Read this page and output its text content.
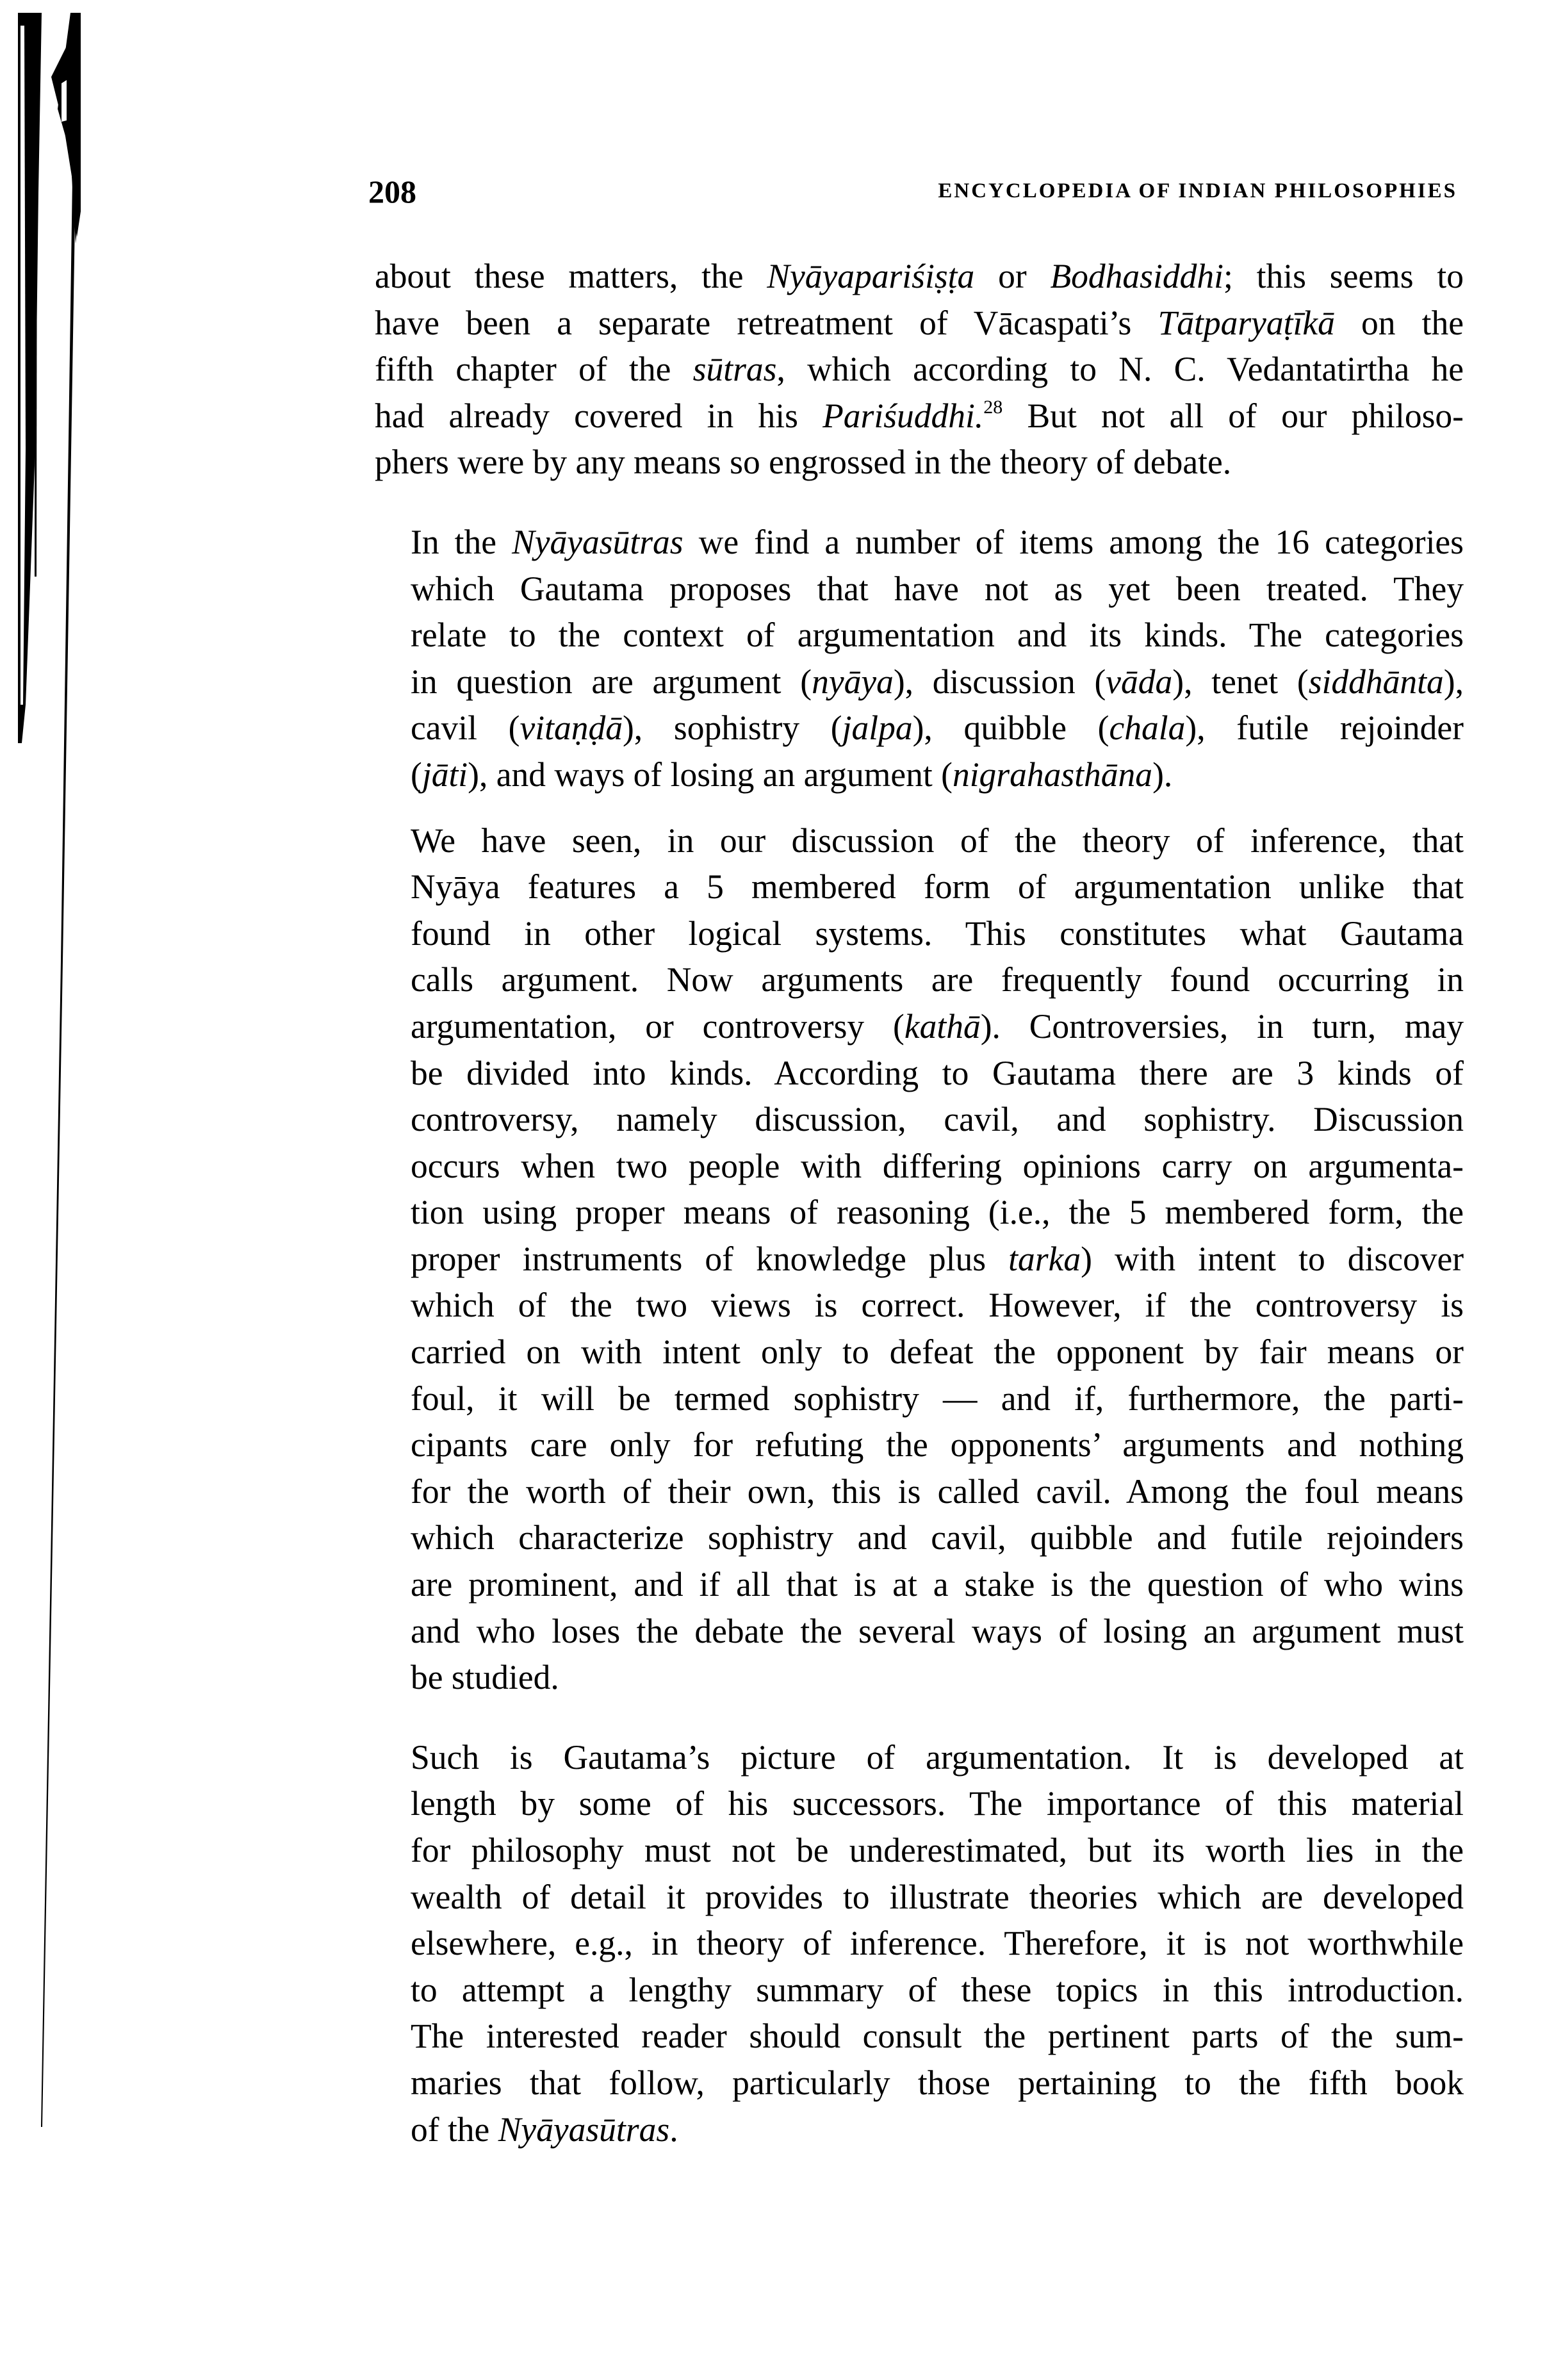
208	ENCYCLOPEDIA OF INDIAN PHILOSOPHIES
about these matters, the Nyāyapariśiṣṭa or Bodhasiddhi; this seems to
have been a separate retreatment of Vācaspati’s Tātparyaṭīkā on the
fifth chapter of the sūtras, which according to N. C. Vedantatirtha he
had already covered in his Pariśuddhi.$^{28}$ But not all of our philoso-
phers were by any means so engrossed in the theory of debate.
In the Nyāyasūtras we find a number of items among the 16 categories
which Gautama proposes that have not as yet been treated. They
relate to the context of argumentation and its kinds. The categories
in question are argument (nyāya), discussion (vāda), tenet (siddhānta),
cavil (vitaṇḍā), sophistry (jalpa), quibble (chala), futile rejoinder
(jāti), and ways of losing an argument (nigrahasthāna).
We have seen, in our discussion of the theory of inference, that
Nyāya features a 5 membered form of argumentation unlike that
found in other logical systems. This constitutes what Gautama
calls argument. Now arguments are frequently found occurring in
argumentation, or controversy (kathā). Controversies, in turn, may
be divided into kinds. According to Gautama there are 3 kinds of
controversy, namely discussion, cavil, and sophistry. Discussion
occurs when two people with differing opinions carry on argumenta-
tion using proper means of reasoning (i.e., the 5 membered form, the
proper instruments of knowledge plus tarka) with intent to discover
which of the two views is correct. However, if the controversy is
carried on with intent only to defeat the opponent by fair means or
foul, it will be termed sophistry — and if, furthermore, the parti-
cipants care only for refuting the opponents’ arguments and nothing
for the worth of their own, this is called cavil. Among the foul means
which characterize sophistry and cavil, quibble and futile rejoinders
are prominent, and if all that is at a stake is the question of who wins
and who loses the debate the several ways of losing an argument must
be studied.
Such is Gautama’s picture of argumentation. It is developed at
length by some of his successors. The importance of this material
for philosophy must not be underestimated, but its worth lies in the
wealth of detail it provides to illustrate theories which are developed
elsewhere, e.g., in theory of inference. Therefore, it is not worthwhile
to attempt a lengthy summary of these topics in this introduction.
The interested reader should consult the pertinent parts of the sum-
maries that follow, particularly those pertaining to the fifth book
of the Nyāyasūtras.
